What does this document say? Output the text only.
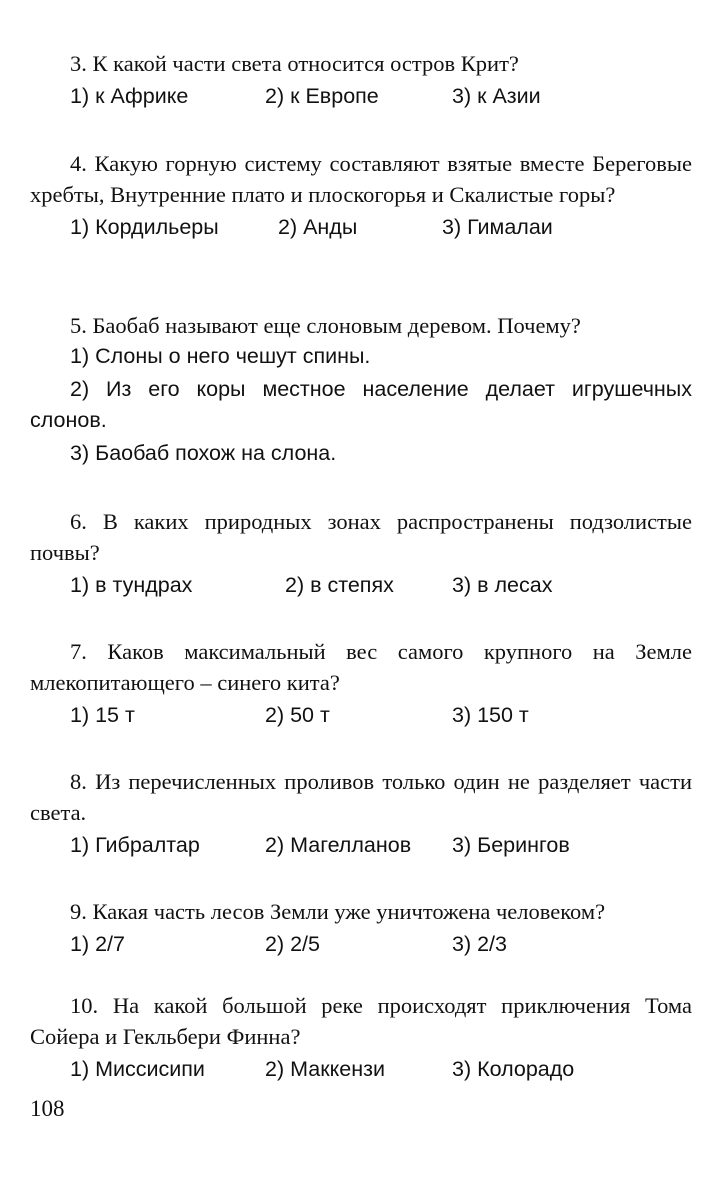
3. К какой части света относится остров Крит?

1) к Африке	2) к Европе	3) к Азии

4. Какую горную систему составляют взятые вместе Береговые хребты, Внутренние плато и плоскогорья и Скалистые горы?

1) Кордильеры	2) Анды	3) Гималаи

5. Баобаб называют еще слоновым деревом. Почему?

1) Слоны о него чешут спины.

2) Из его коры местное население делает игрушечных слонов.

3) Баобаб похож на слона.

6. В каких природных зонах распространены подзолистые почвы?

1) в тундрах	2) в степях	3) в лесах

7. Каков максимальный вес самого крупного на Земле млекопитающего – синего кита?

1) 15 т	2) 50 т	3) 150 т

8. Из перечисленных проливов только один не разделяет части света.

1) Гибралтар	2) Магелланов 3) Берингов

9. Какая часть лесов Земли уже уничтожена человеком?

1) 2/7	2) 2/5	3) 2/3

10. На какой большой реке происходят приключения Тома Сойера и Гекльбери Финна?

1) Миссисипи	2) Маккензи	3) Колорадо
108
